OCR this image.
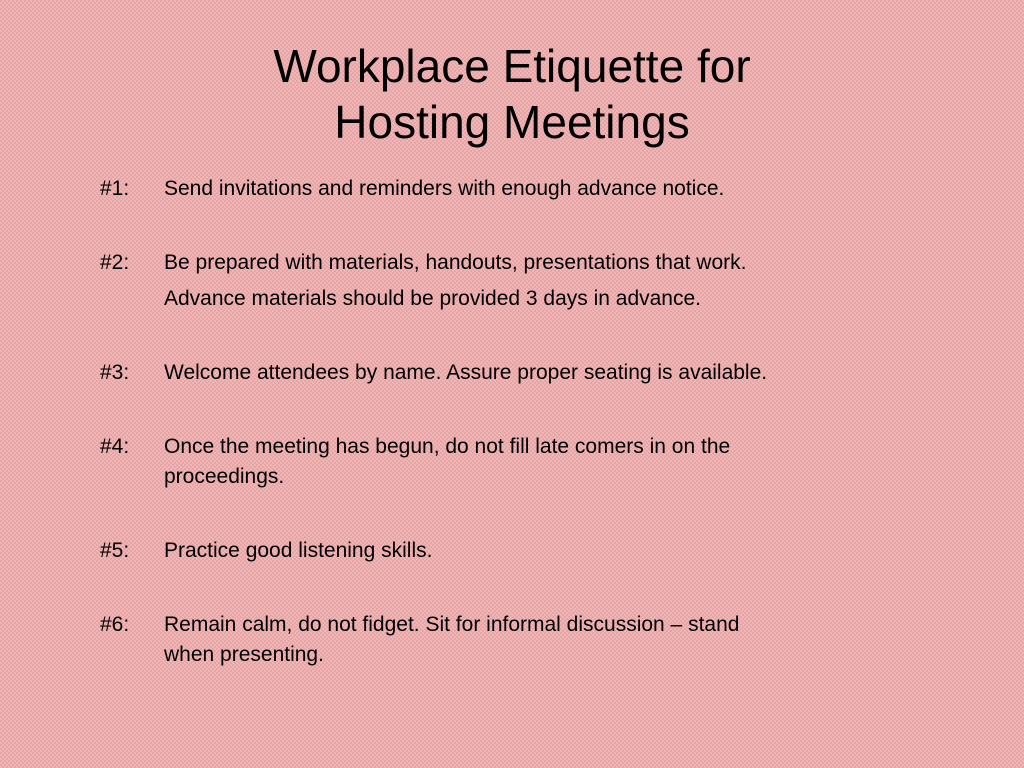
Workplace Etiquette for
Hosting Meetings
#1:	Send invitations and reminders with enough advance notice.
#2:	Be prepared with materials, handouts, presentations that work.
Advance materials should be provided 3 days in advance.
#3:	Welcome attendees by name. Assure proper seating is available.
#4:	Once the meeting has begun, do not fill late comers in on the
proceedings.
#5:	Practice good listening skills.
#6:	Remain calm, do not fidget. Sit for informal discussion – stand
when presenting.
